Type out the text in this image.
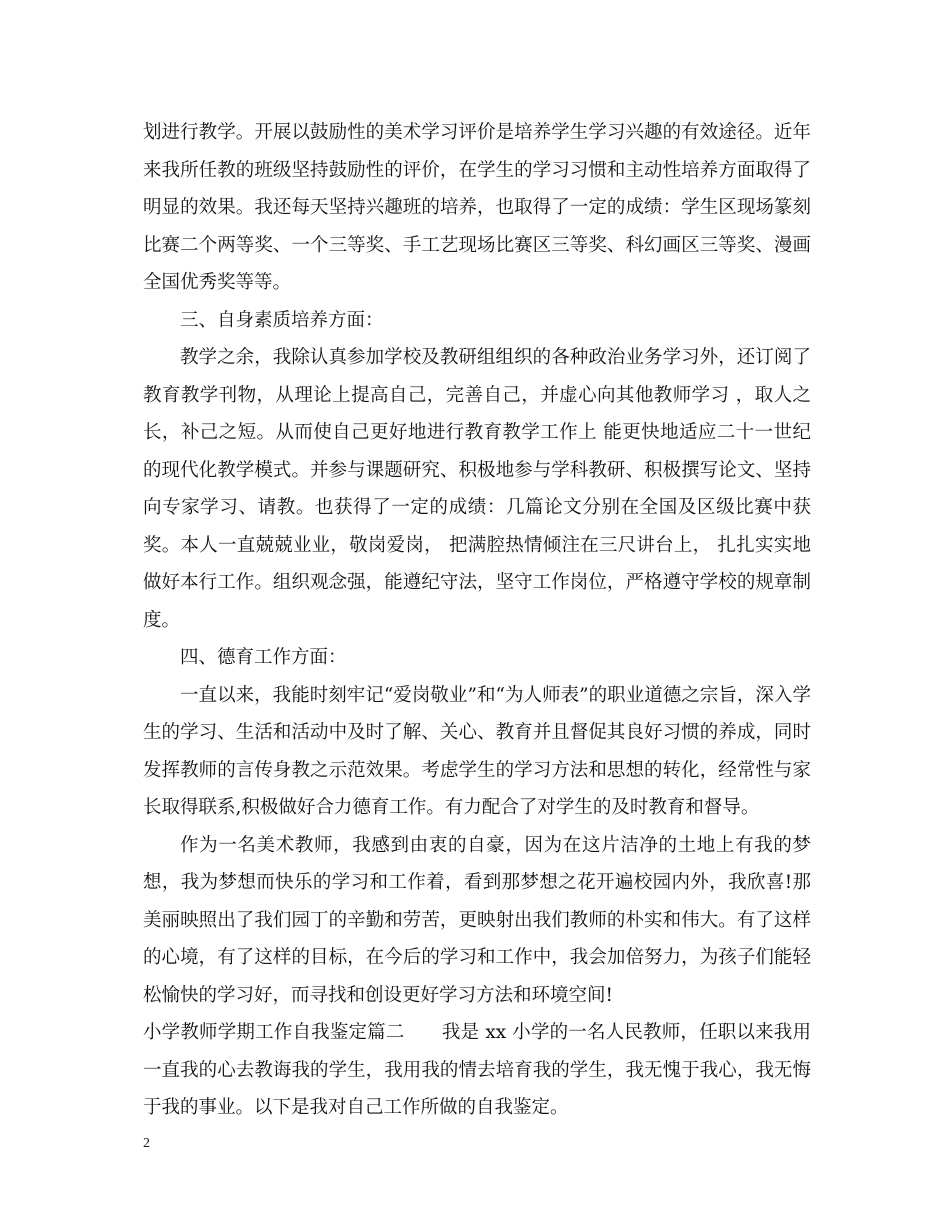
划进行教学。开展以鼓励性的美术学习评价是培养学生学习兴趣的有效途径。近年来我所任教的班级坚持鼓励性的评价，在学生的学习习惯和主动性培养方面取得了明显的效果。我还每天坚持兴趣班的培养，也取得了一定的成绩：学生区现场篆刻比赛二个两等奖、一个三等奖、手工艺现场比赛区三等奖、科幻画区三等奖、漫画全国优秀奖等等。

三、自身素质培养方面：

教学之余，我除认真参加学校及教研组组织的各种政治业务学习外，还订阅了教育教学刊物，从理论上提高自己，完善自己，并虚心向其他教师学习 ，取人之长，补己之短。从而使自己更好地进行教育教学工作上 能更快地适应二十一世纪的现代化教学模式。并参与课题研究、积极地参与学科教研、积极撰写论文、坚持向专家学习、请教。也获得了一定的成绩：几篇论文分别在全国及区级比赛中获奖。本人一直兢兢业业，敬岗爱岗， 把满腔热情倾注在三尺讲台上， 扎扎实实地做好本行工作。组织观念强，能遵纪守法，坚守工作岗位，严格遵守学校的规章制度。

四、德育工作方面：

一直以来，我能时刻牢记“爱岗敬业”和“为人师表”的职业道德之宗旨，深入学生的学习、生活和活动中及时了解、关心、教育并且督促其良好习惯的养成，同时发挥教师的言传身教之示范效果。考虑学生的学习方法和思想的转化，经常性与家长取得联系,积极做好合力德育工作。有力配合了对学生的及时教育和督导。

作为一名美术教师，我感到由衷的自豪，因为在这片洁净的土地上有我的梦想，我为梦想而快乐的学习和工作着，看到那梦想之花开遍校园内外，我欣喜!那美丽映照出了我们园丁的辛勤和劳苦，更映射出我们教师的朴实和伟大。有了这样的心境，有了这样的目标，在今后的学习和工作中，我会加倍努力，为孩子们能轻松愉快的学习好，而寻找和创设更好学习方法和环境空间!

小学教师学期工作自我鉴定篇二　　我是 xx 小学的一名人民教师，任职以来我用一直我的心去教诲我的学生，我用我的情去培育我的学生，我无愧于我心，我无悔于我的事业。以下是我对自己工作所做的自我鉴定。

2
